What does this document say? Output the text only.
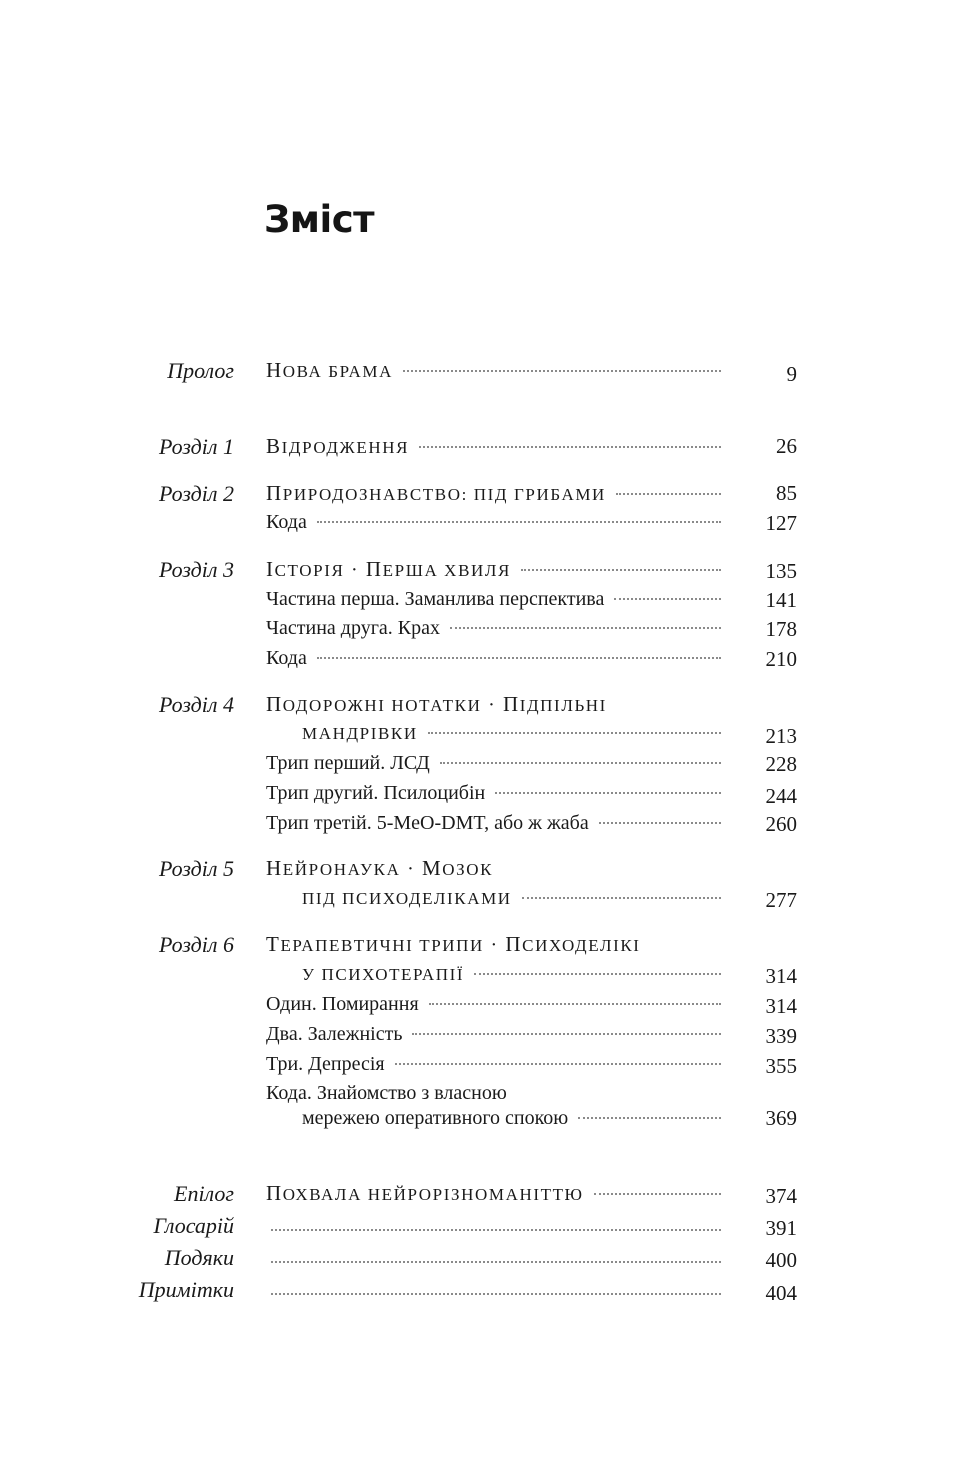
Зміст
Пролог НОВА БРАМА	9
Розділ 1 ВІДРОДЖЕННЯ	26
Розділ 2 ПРИРОДОЗНАВСТВО: ПІД ГРИБАМИ	85
Кода	127
Розділ 3 ІСТОРІЯ · ПЕРША ХВИЛЯ	135
Частина перша. Заманлива перспектива	141
Частина друга. Крах	178
Кода	210
Розділ 4 ПОДОРОЖНІ НОТАТКИ · ПІДПІЛЬНІ
МАНДРІВКИ	213
Трип перший. ЛСД	228
Трип другий. Псилоцибін	244
Трип третій. 5-MeO-DMT, або ж жаба	260
Розділ 5 НЕЙРОНАУКА · МОЗОК
ПІД ПСИХОДЕЛІКАМИ	277
Розділ 6 ТЕРАПЕВТИЧНІ ТРИПИ · ПСИХОДЕЛІКІ
У ПСИХОТЕРАПІЇ	314
Один. Помирання	314
Два. Залежність	339
Три. Депресія	355
Кода. Знайомство з власною
мережею оперативного спокою	369
Епілог ПОХВАЛА НЕЙРОРІЗНОМАНІТТЮ	374
Глосарій	391
Подяки	400
Примітки	404
